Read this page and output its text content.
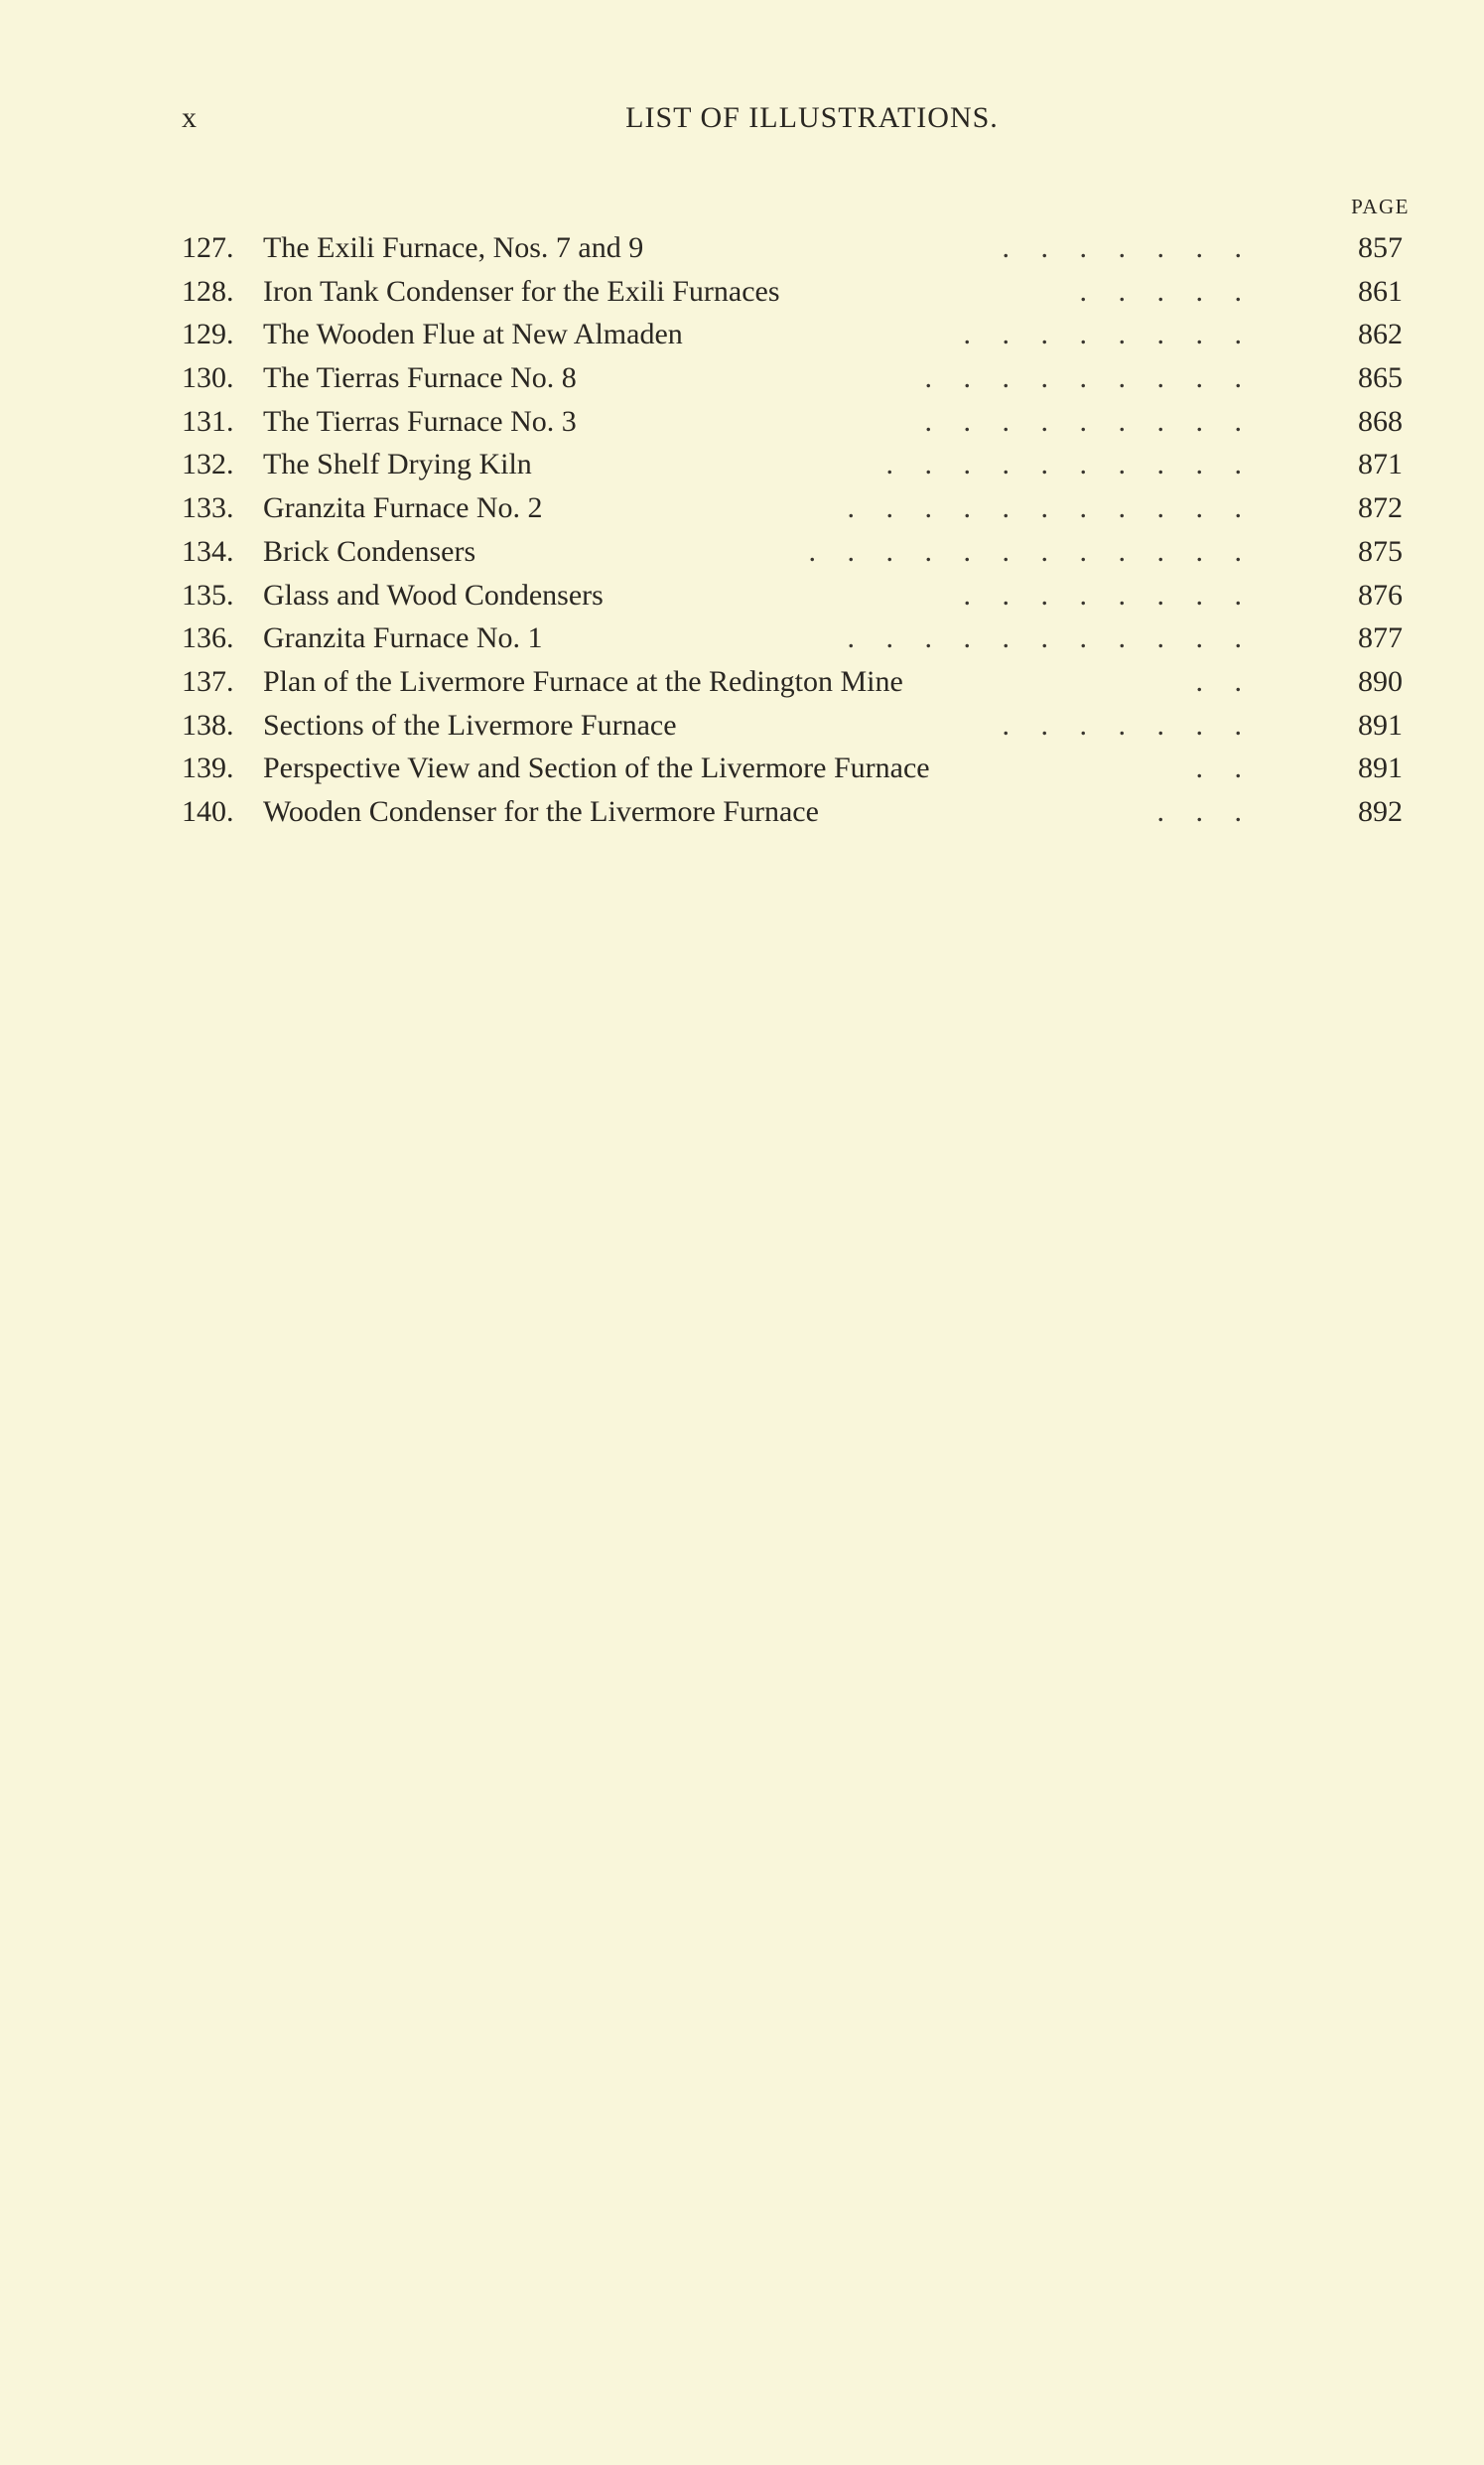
x	LIST OF ILLUSTRATIONS.
PAGE
127. The Exili Furnace, Nos. 7 and 9	. . . . . . .	857
128. Iron Tank Condenser for the Exili Furnaces	. . . . .	861
129. The Wooden Flue at New Almaden	. . . . . . . .	862
130. The Tierras Furnace No. 8	. . . . . . . . .	865
131. The Tierras Furnace No. 3	. . . . . . . . .	868
132. The Shelf Drying Kiln	. . . . . . . . . .	871
133. Granzita Furnace No. 2	. . . . . . . . . . .	872
134. Brick Condensers	. . . . . . . . . . . .	875
135. Glass and Wood Condensers	. . . . . . . .	876
136. Granzita Furnace No. 1	. . . . . . . . . . .	877
137. Plan of the Livermore Furnace at the Redington Mine	. .	890
138. Sections of the Livermore Furnace	. . . . . . .	891
139. Perspective View and Section of the Livermore Furnace	. .	891
140. Wooden Condenser for the Livermore Furnace	. . .	892
